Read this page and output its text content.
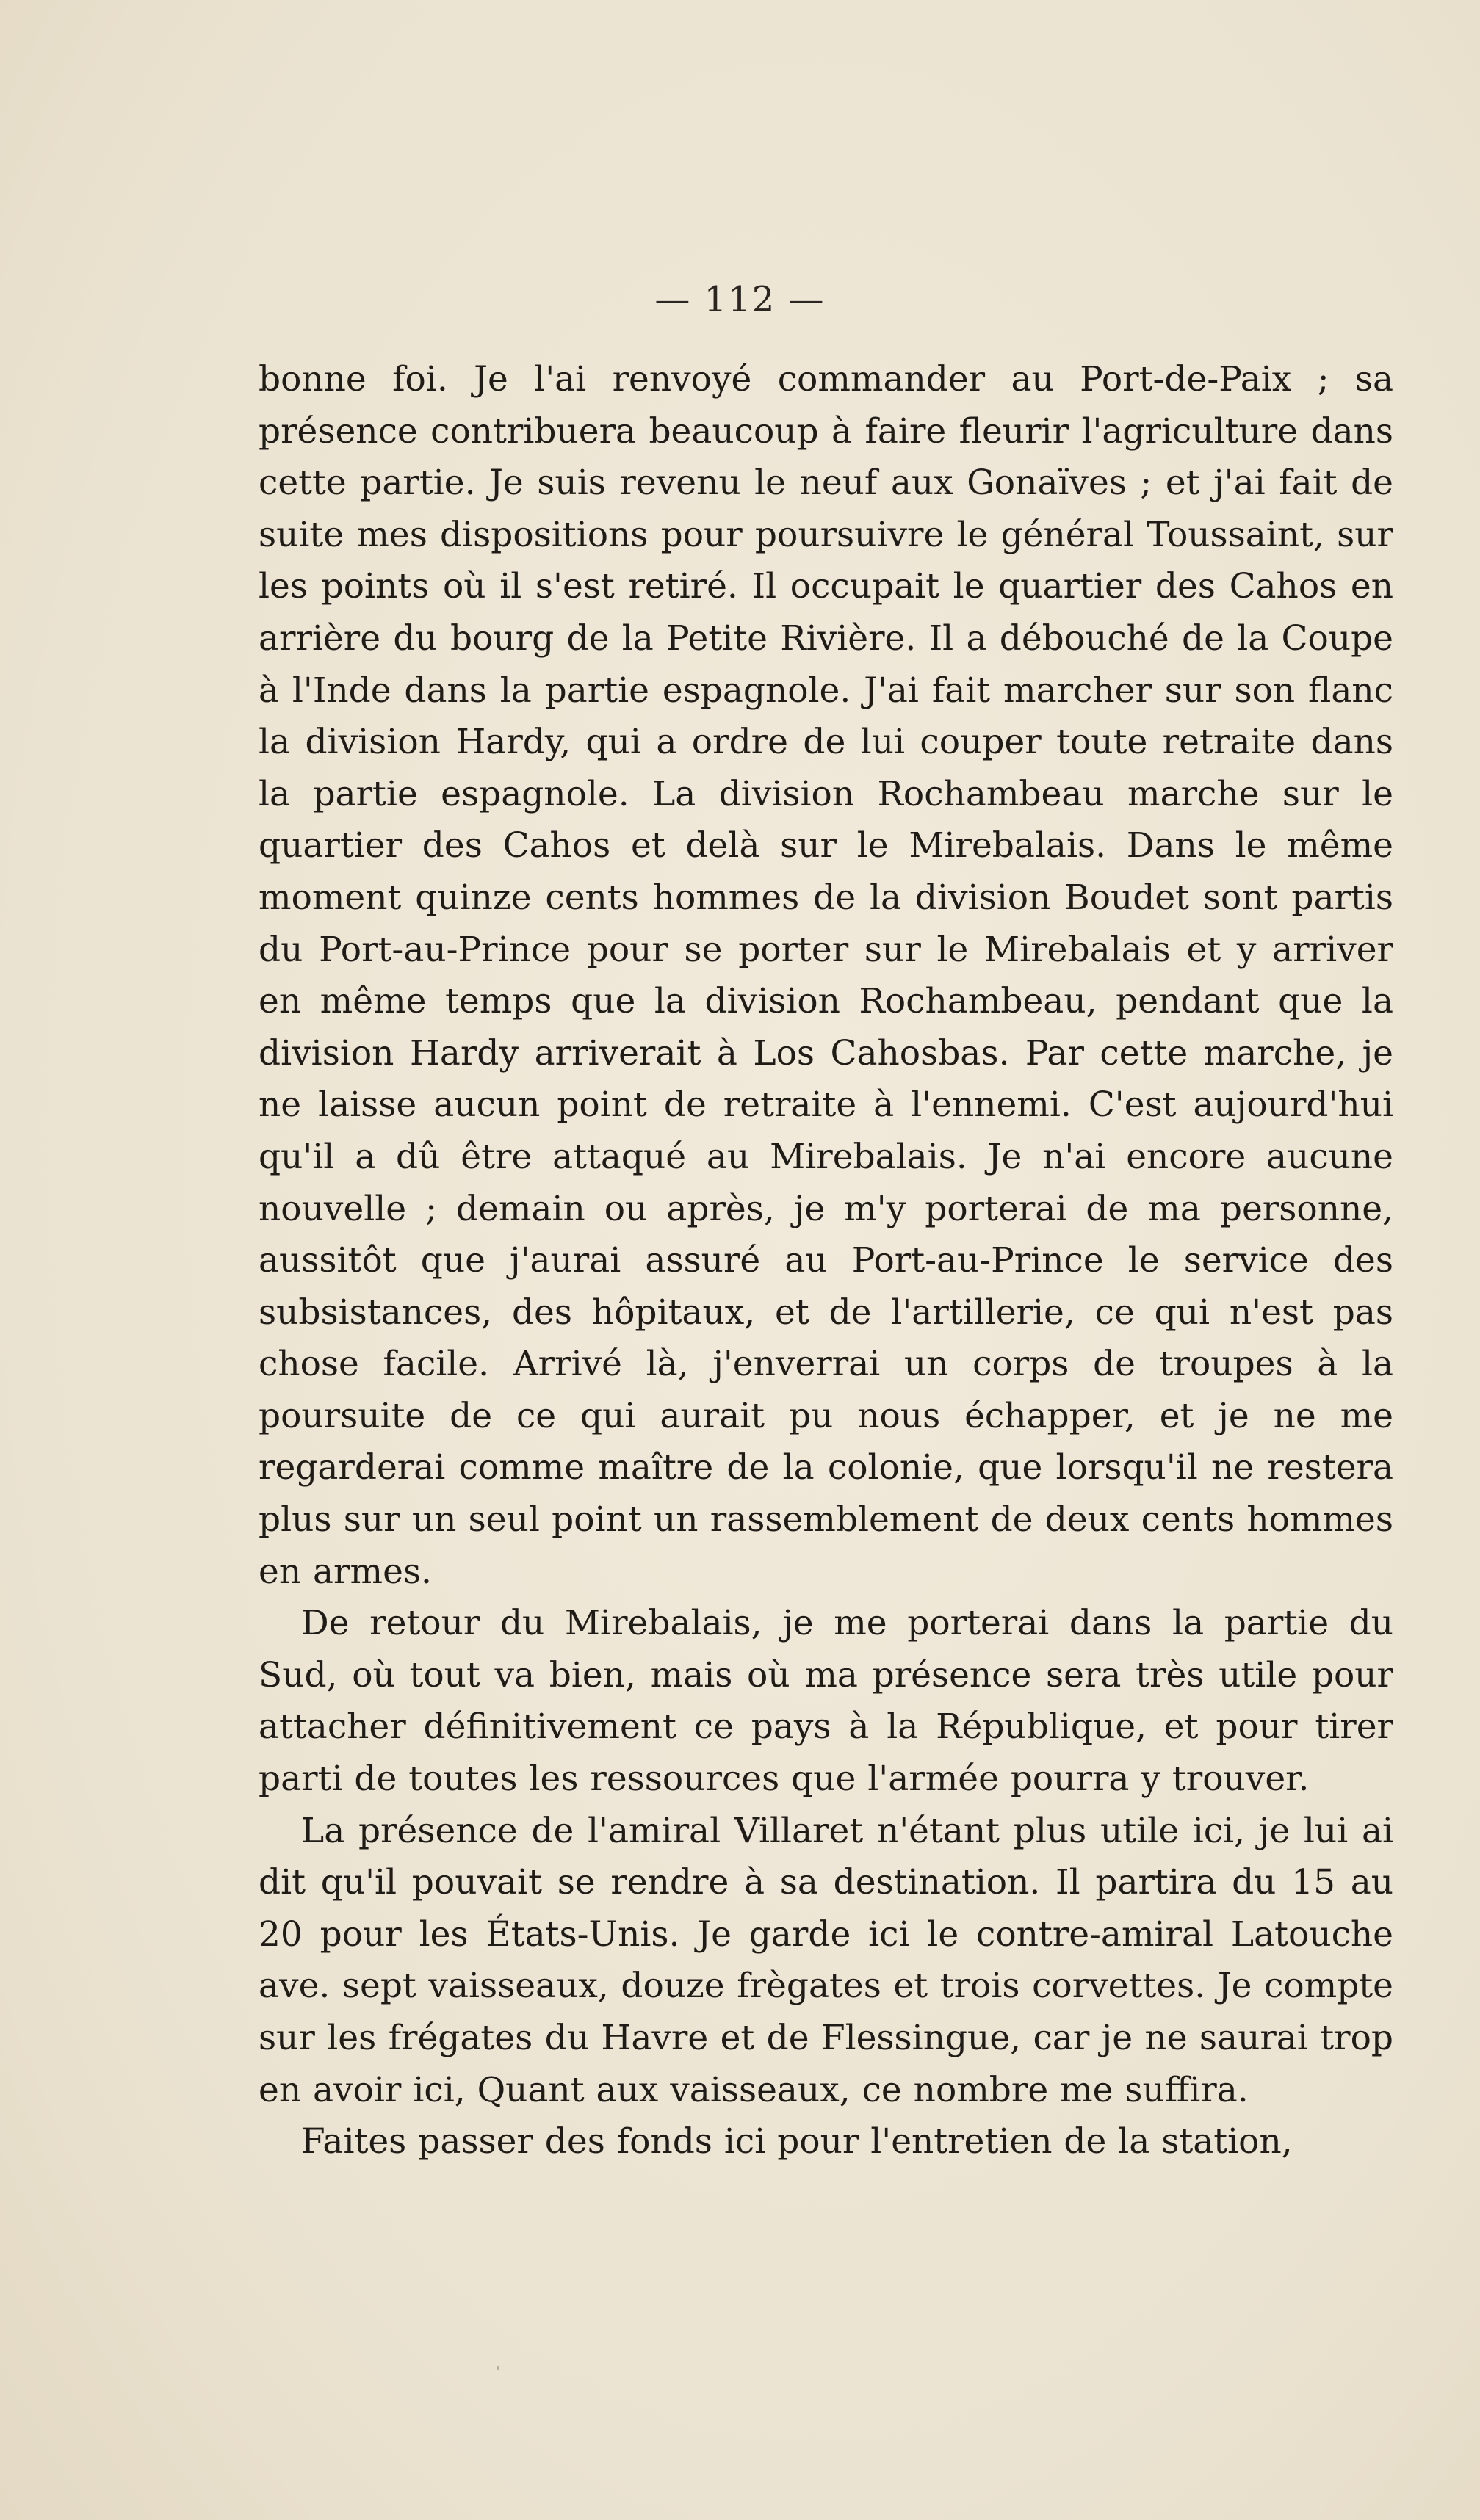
— 112 —

bonne foi. Je l'ai renvoyé commander au Port-de-Paix ; sa présence contribuera beaucoup à faire fleurir l'agriculture dans cette partie. Je suis revenu le neuf aux Gonaïves ; et j'ai fait de suite mes dispositions pour poursuivre le général Toussaint, sur les points où il s'est retiré. Il occupait le quartier des Cahos en arrière du bourg de la Petite Rivière. Il a débouché de la Coupe à l'Inde dans la partie espagnole. J'ai fait marcher sur son flanc la division Hardy, qui a ordre de lui couper toute retraite dans la partie espagnole. La division Rochambeau marche sur le quartier des Cahos et delà sur le Mirebalais. Dans le même moment quinze cents hommes de la division Boudet sont partis du Port-au-Prince pour se porter sur le Mirebalais et y arriver en même temps que la division Rochambeau, pendant que la division Hardy arriverait à Los Cahosbas. Par cette marche, je ne laisse aucun point de retraite à l'ennemi. C'est aujourd'hui qu'il a dû être attaqué au Mirebalais. Je n'ai encore aucune nouvelle ; demain ou après, je m'y porterai de ma personne, aussitôt que j'aurai assuré au Port-au-Prince le service des subsistances, des hôpitaux, et de l'artillerie, ce qui n'est pas chose facile. Arrivé là, j'enverrai un corps de troupes à la poursuite de ce qui aurait pu nous échapper, et je ne me regarderai comme maître de la colonie, que lorsqu'il ne restera plus sur un seul point un rassemblement de deux cents hommes en armes.

De retour du Mirebalais, je me porterai dans la partie du Sud, où tout va bien, mais où ma présence sera très utile pour attacher définitivement ce pays à la République, et pour tirer parti de toutes les ressources que l'armée pourra y trouver.

La présence de l'amiral Villaret n'étant plus utile ici, je lui ai dit qu'il pouvait se rendre à sa destination. Il partira du 15 au 20 pour les États-Unis. Je garde ici le contre-amiral Latouche ave. sept vaisseaux, douze frègates et trois corvettes. Je compte sur les frégates du Havre et de Flessingue, car je ne saurai trop en avoir ici, Quant aux vaisseaux, ce nombre me suffira.

Faites passer des fonds ici pour l'entretien de la station,
